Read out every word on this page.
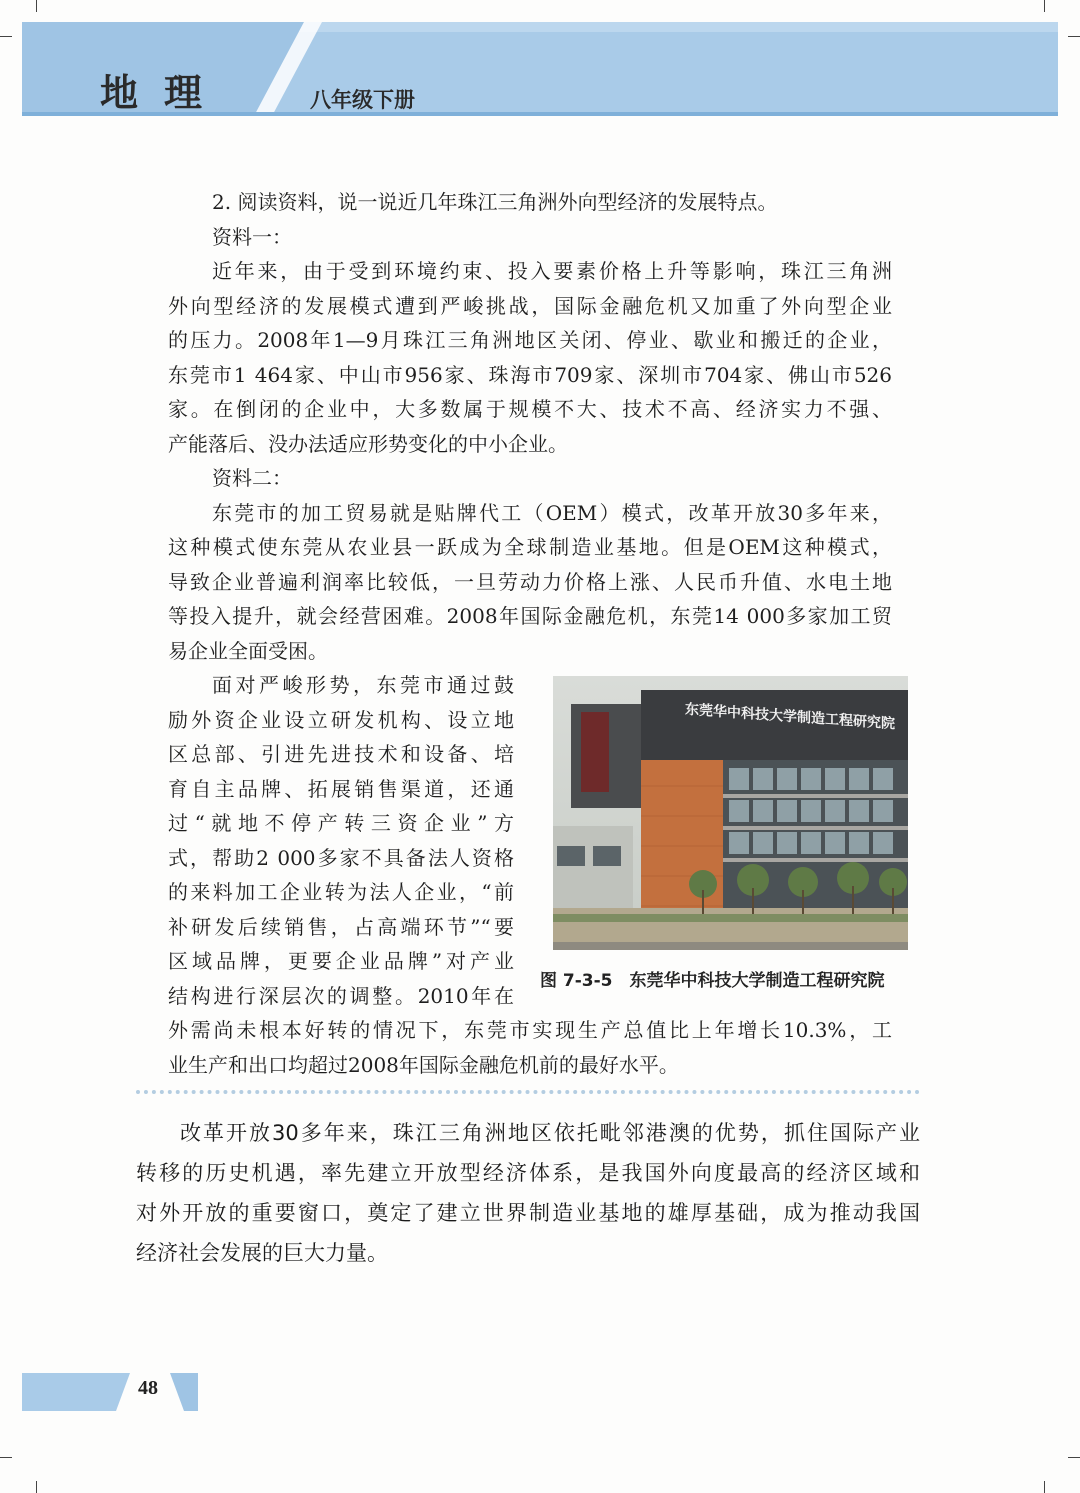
地理	八年级下册
2. 阅读资料，说一说近几年珠江三角洲外向型经济的发展特点。
资料一：
近年来，由于受到环境约束、投入要素价格上升等影响，珠江三角洲
外向型经济的发展模式遭到严峻挑战，国际金融危机又加重了外向型企业
的压力。2008年1—9月珠江三角洲地区关闭、停业、歇业和搬迁的企业，
东莞市1 464家、中山市956家、珠海市709家、深圳市704家、佛山市526
家。在倒闭的企业中，大多数属于规模不大、技术不高、经济实力不强、
产能落后、没办法适应形势变化的中小企业。
资料二：
东莞市的加工贸易就是贴牌代工（OEM）模式，改革开放30多年来，
这种模式使东莞从农业县一跃成为全球制造业基地。但是OEM这种模式，
导致企业普遍利润率比较低，一旦劳动力价格上涨、人民币升值、水电土地
等投入提升，就会经营困难。2008年国际金融危机，东莞14 000多家加工贸
易企业全面受困。
面对严峻形势，东莞市通过鼓
励外资企业设立研发机构、设立地
区总部、引进先进技术和设备、培
育自主品牌、拓展销售渠道，还通
过“就地不停产转三资企业”方
式，帮助2 000多家不具备法人资格
的来料加工企业转为法人企业，“前
补研发后续销售，占高端环节”“要
区域品牌，更要企业品牌”对产业
结构进行深层次的调整。2010年在
外需尚未根本好转的情况下，东莞市实现生产总值比上年增长10.3%，工
业生产和出口均超过2008年国际金融危机前的最好水平。
东莞华中科技大学制造工程研究院
图 7-3-5　东莞华中科技大学制造工程研究院
改革开放30多年来，珠江三角洲地区依托毗邻港澳的优势，抓住国际产业
转移的历史机遇，率先建立开放型经济体系，是我国外向度最高的经济区域和
对外开放的重要窗口，奠定了建立世界制造业基地的雄厚基础，成为推动我国
经济社会发展的巨大力量。
48
